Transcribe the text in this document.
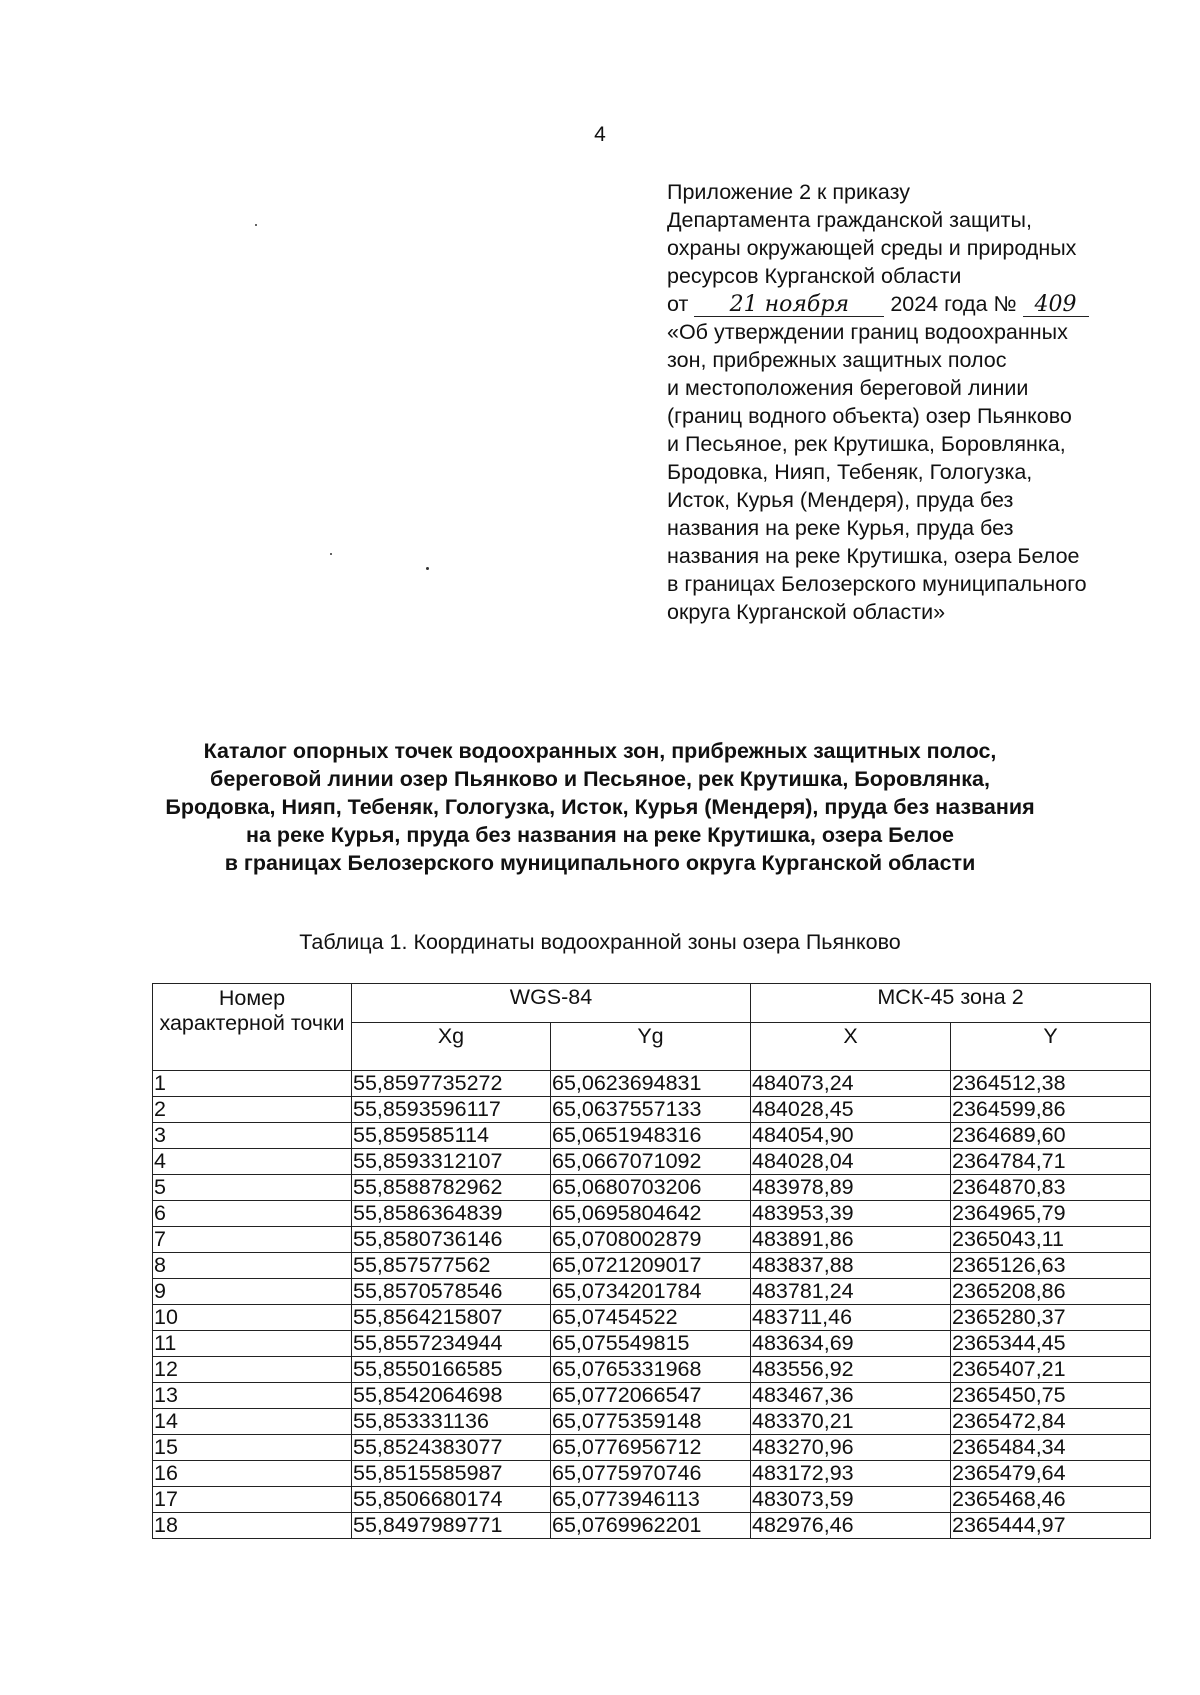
4
Приложение 2 к приказу
Департамента гражданской защиты,
охраны окружающей среды и природных
ресурсов Курганской области
от 21 ноября 2024 года № 409
«Об утверждении границ водоохранных
зон, прибрежных защитных полос
и местоположения береговой линии
(границ водного объекта) озер Пьянково
и Песьяное, рек Крутишка, Боровлянка,
Бродовка, Нияп, Тебеняк, Гологузка,
Исток, Курья (Мендеря), пруда без
названия на реке Курья, пруда без
названия на реке Крутишка, озера Белое
в границах Белозерского муниципального
округа Курганской области»
Каталог опорных точек водоохранных зон, прибрежных защитных полос,
береговой линии озер Пьянково и Песьяное, рек Крутишка, Боровлянка,
Бродовка, Нияп, Тебеняк, Гологузка, Исток, Курья (Мендеря), пруда без названия
на реке Курья, пруда без названия на реке Крутишка, озера Белое
в границах Белозерского муниципального округа Курганской области
Таблица 1. Координаты водоохранной зоны озера Пьянково
Номер характерной точки	WGS-84		МСК-45 зона 2	
	Xg	Yg	X	Y
1	55,8597735272	65,0623694831	484073,24	2364512,38
2	55,8593596117	65,0637557133	484028,45	2364599,86
3	55,859585114	65,0651948316	484054,90	2364689,60
4	55,8593312107	65,0667071092	484028,04	2364784,71
5	55,8588782962	65,0680703206	483978,89	2364870,83
6	55,8586364839	65,0695804642	483953,39	2364965,79
7	55,8580736146	65,0708002879	483891,86	2365043,11
8	55,857577562	65,0721209017	483837,88	2365126,63
9	55,8570578546	65,0734201784	483781,24	2365208,86
10	55,8564215807	65,07454522	483711,46	2365280,37
11	55,8557234944	65,075549815	483634,69	2365344,45
12	55,8550166585	65,0765331968	483556,92	2365407,21
13	55,8542064698	65,0772066547	483467,36	2365450,75
14	55,853331136	65,0775359148	483370,21	2365472,84
15	55,8524383077	65,0776956712	483270,96	2365484,34
16	55,8515585987	65,0775970746	483172,93	2365479,64
17	55,8506680174	65,0773946113	483073,59	2365468,46
18	55,8497989771	65,0769962201	482976,46	2365444,97
